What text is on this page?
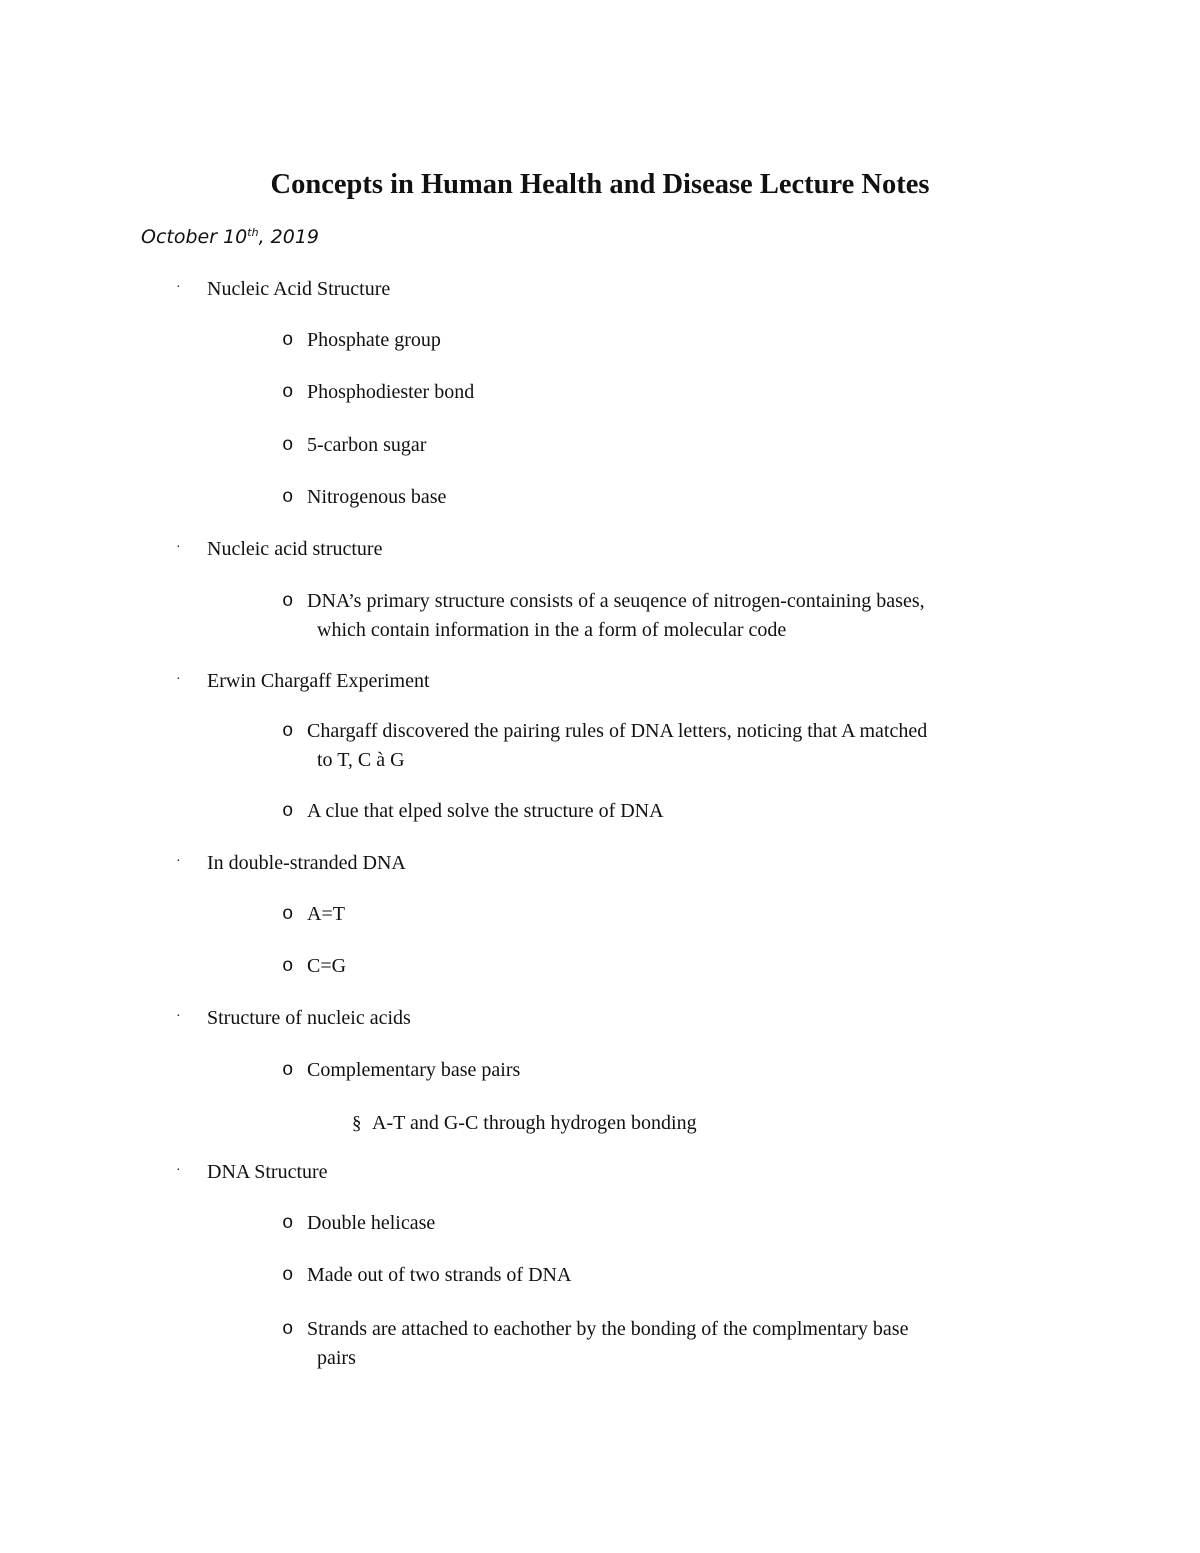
Concepts in Human Health and Disease Lecture Notes
October 10th, 2019
· Nucleic Acid Structure
o Phosphate group
o Phosphodiester bond
o 5-carbon sugar
o Nitrogenous base
· Nucleic acid structure
o DNA’s primary structure consists of a seuqence of nitrogen-containing bases,
which contain information in the a form of molecular code
· Erwin Chargaff Experiment
o Chargaff discovered the pairing rules of DNA letters, noticing that A matched
to T, C à G
o A clue that elped solve the structure of DNA
· In double-stranded DNA
o A=T
o C=G
· Structure of nucleic acids
o Complementary base pairs
§ A-T and G-C through hydrogen bonding
· DNA Structure
o Double helicase
o Made out of two strands of DNA
o Strands are attached to eachother by the bonding of the complmentary base
pairs
